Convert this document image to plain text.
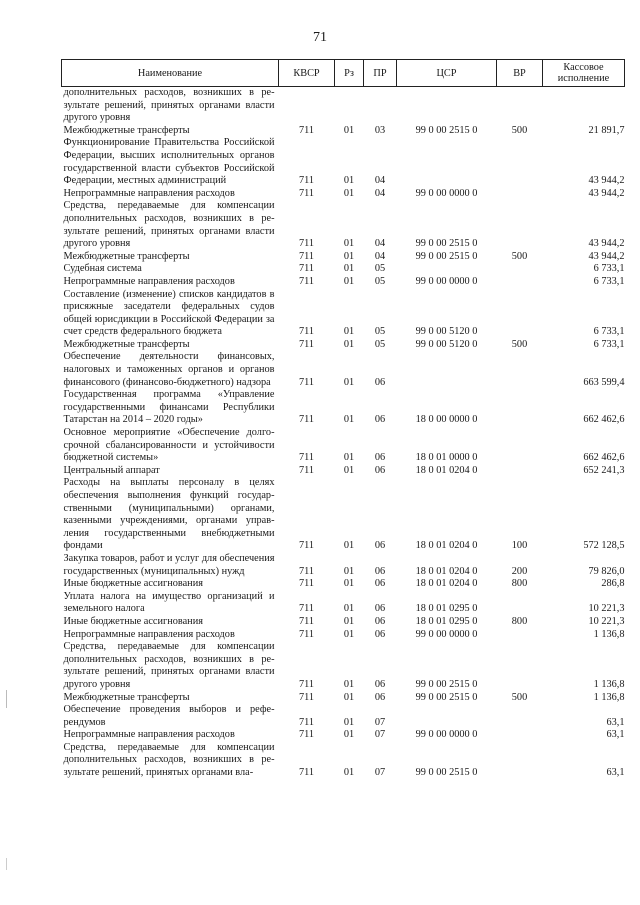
71
Наименование	КВСР	Рз	ПР	ЦСР	ВР	Кассовое исполнение
дополнительных расходов, возникших в результате решений, принятых органами власти другого уровня						
Межбюджетные трансферты	711	01	03	99 0 00 2515 0	500	21 891,7
Функционирование Правительства Российской Федерации, высших исполнительных органов государственной власти субъектов Российской Федерации, местных администраций	711	01	04			43 944,2
Непрограммные направления расходов	711	01	04	99 0 00 0000 0		43 944,2
Средства, передаваемые для компенсации дополнительных расходов, возникших в результате решений, принятых органами власти другого уровня	711	01	04	99 0 00 2515 0		43 944,2
Межбюджетные трансферты	711	01	04	99 0 00 2515 0	500	43 944,2
Судебная система	711	01	05			6 733,1
Непрограммные направления расходов	711	01	05	99 0 00 0000 0		6 733,1
Составление (изменение) списков кандидатов в присяжные заседатели федеральных судов общей юрисдикции в Российской Федерации за счет средств федерального бюджета	711	01	05	99 0 00 5120 0		6 733,1
Межбюджетные трансферты	711	01	05	99 0 00 5120 0	500	6 733,1
Обеспечение деятельности финансовых, налоговых и таможенных органов и органов финансового (финансово-бюджетного) надзора	711	01	06			663 599,4
Государственная программа «Управление государственными финансами Республики Татарстан на 2014 – 2020 годы»	711	01	06	18 0 00 0000 0		662 462,6
Основное мероприятие «Обеспечение долгосрочной сбалансированности и устойчивости бюджетной системы»	711	01	06	18 0 01 0000 0		662 462,6
Центральный аппарат	711	01	06	18 0 01 0204 0		652 241,3
Расходы на выплаты персоналу в целях обеспечения выполнения функций государственными (муниципальными) органами, казенными учреждениями, органами управления государственными внебюджетными фондами	711	01	06	18 0 01 0204 0	100	572 128,5
Закупка товаров, работ и услуг для обеспечения государственных (муниципальных) нужд	711	01	06	18 0 01 0204 0	200	79 826,0
Иные бюджетные ассигнования	711	01	06	18 0 01 0204 0	800	286,8
Уплата налога на имущество организаций и земельного налога	711	01	06	18 0 01 0295 0		10 221,3
Иные бюджетные ассигнования	711	01	06	18 0 01 0295 0	800	10 221,3
Непрограммные направления расходов	711	01	06	99 0 00 0000 0		1 136,8
Средства, передаваемые для компенсации дополнительных расходов, возникших в результате решений, принятых органами власти другого уровня	711	01	06	99 0 00 2515 0		1 136,8
Межбюджетные трансферты	711	01	06	99 0 00 2515 0	500	1 136,8
Обеспечение проведения выборов и референдумов	711	01	07			63,1
Непрограммные направления расходов	711	01	07	99 0 00 0000 0		63,1
Средства, передаваемые для компенсации дополнительных расходов, возникших в результате решений, принятых органами вла-	711	01	07	99 0 00 2515 0		63,1
